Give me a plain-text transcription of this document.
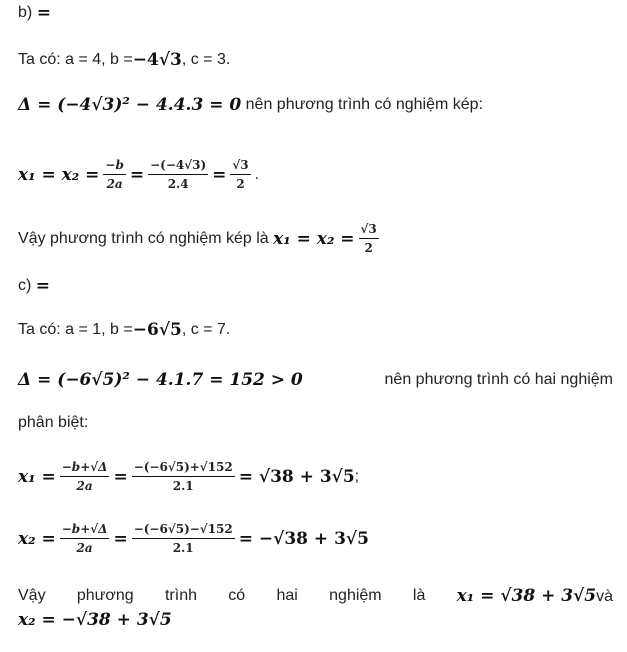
b)
=
Ta có: a = 4, b = −4√3 , c = 3.
Δ = (−4√3)² − 4.4.3 = 0
nên phương trình có nghiệm kép:
$x_1 = x_2 = \frac{-b}{2a} = \frac{-(-4√3)}{2.4} = \frac{√3}{2}$ .
Vậy phương trình có nghiệm kép là
$x_1 = x_2 = \frac{√3}{2}$
c)
=
Ta có: a = 1, b = −6√5 , c = 7.
Δ = (−6√5)² − 4.1.7 = 152 > 0	nên phương trình có hai nghiệm
phân biệt:
$x_1 = \frac{-b+√\Delta}{2a} = \frac{-(-6√5)+√152}{2.1} = √38 + 3√5$ ;
$x_2 = \frac{-b+√\Delta}{2a} = \frac{-(-6√5)-√152}{2.1} = -√38 + 3√5$
Vậy phương trình có hai nghiệm là x₁ = √38 + 3√5và
x₂ = −√38 + 3√5
